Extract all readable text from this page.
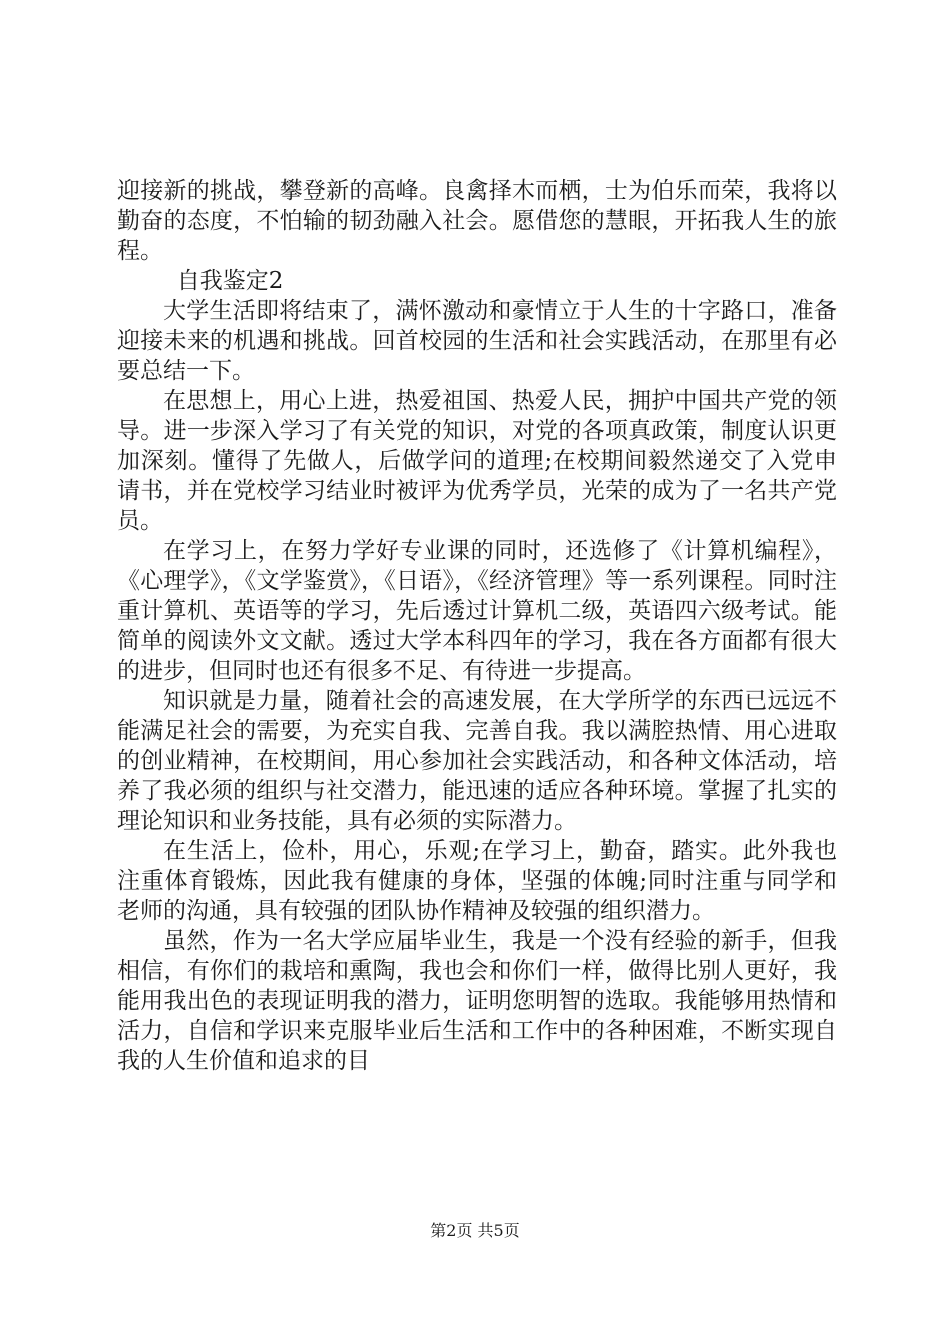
迎接新的挑战，攀登新的高峰。良禽择木而栖，士为伯乐而荣，我将以勤奋的态度，不怕输的韧劲融入社会。愿借您的慧眼，开拓我人生的旅程。

自我鉴定2

大学生活即将结束了，满怀激动和豪情立于人生的十字路口，准备迎接未来的机遇和挑战。回首校园的生活和社会实践活动，在那里有必要总结一下。

在思想上，用心上进，热爱祖国、热爱人民，拥护中国共产党的领导。进一步深入学习了有关党的知识，对党的各项真政策，制度认识更加深刻。懂得了先做人，后做学问的道理;在校期间毅然递交了入党申请书，并在党校学习结业时被评为优秀学员，光荣的成为了一名共产党员。

在学习上，在努力学好专业课的同时，还选修了《计算机编程》，《心理学》，《文学鉴赏》，《日语》，《经济管理》等一系列课程。同时注重计算机、英语等的学习，先后透过计算机二级，英语四六级考试。能简单的阅读外文文献。透过大学本科四年的学习，我在各方面都有很大的进步，但同时也还有很多不足、有待进一步提高。

知识就是力量，随着社会的高速发展，在大学所学的东西已远远不能满足社会的需要，为充实自我、完善自我。我以满腔热情、用心进取的创业精神，在校期间，用心参加社会实践活动，和各种文体活动，培养了我必须的组织与社交潜力，能迅速的适应各种环境。掌握了扎实的理论知识和业务技能，具有必须的实际潜力。

在生活上，俭朴，用心，乐观;在学习上，勤奋，踏实。此外我也注重体育锻炼，因此我有健康的身体，坚强的体魄;同时注重与同学和老师的沟通，具有较强的团队协作精神及较强的组织潜力。

虽然，作为一名大学应届毕业生，我是一个没有经验的新手，但我相信，有你们的栽培和熏陶，我也会和你们一样，做得比别人更好，我能用我出色的表现证明我的潜力，证明您明智的选取。我能够用热情和活力，自信和学识来克服毕业后生活和工作中的各种困难，不断实现自我的人生价值和追求的目

第2页 共5页
